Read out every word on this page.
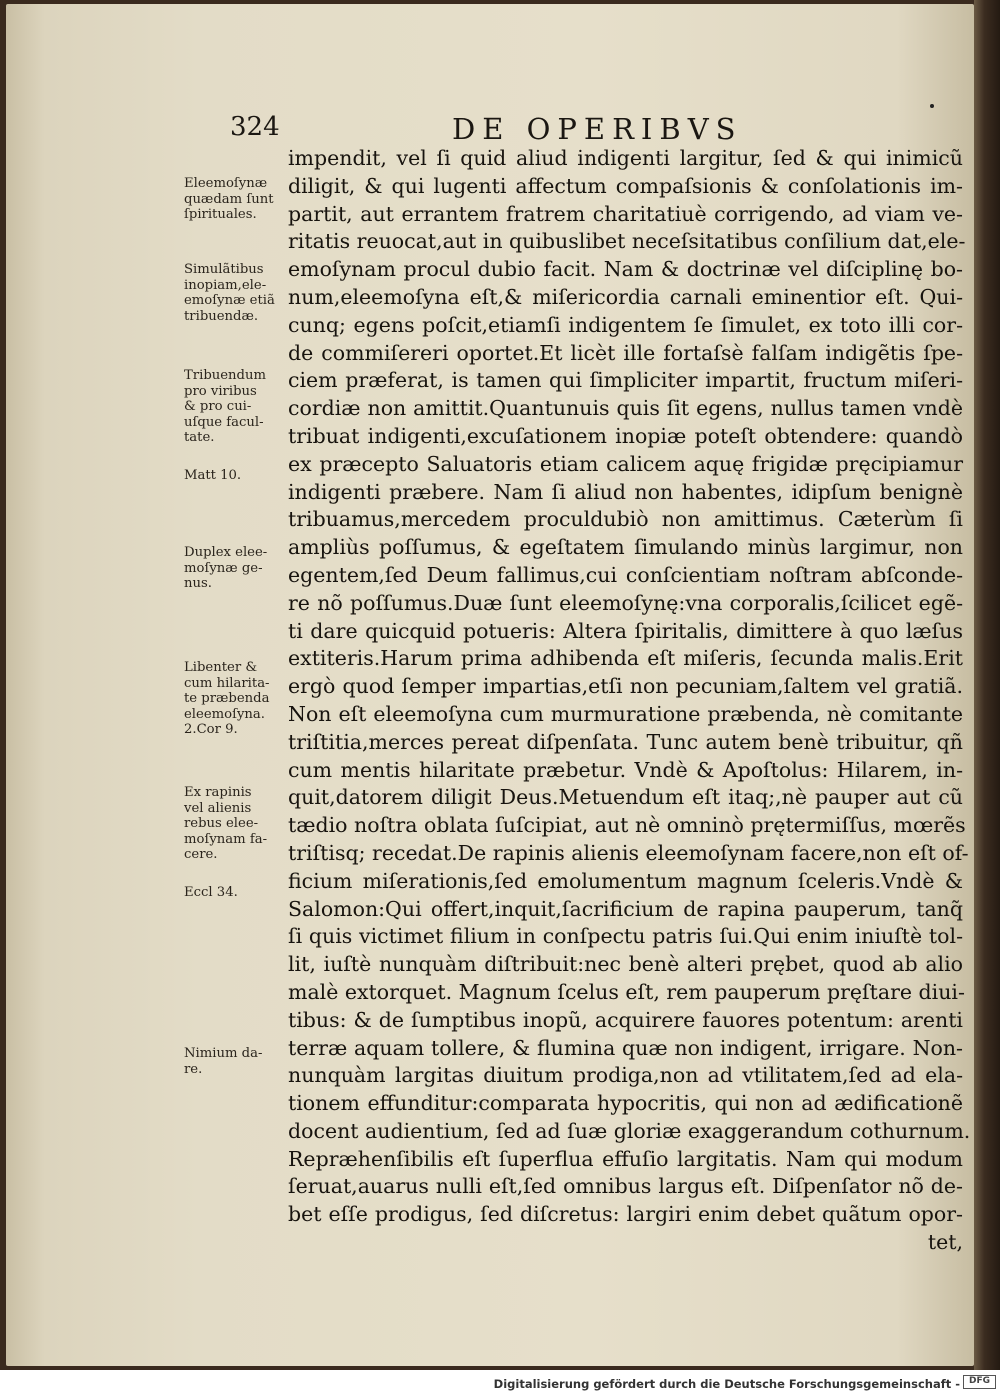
324	DE OPERIBVS
impendit, vel ſi quid aliud indigenti largitur, ſed & qui inimicũ
diligit, & qui lugenti affectum compaſsionis & conſolationis im-
partit, aut errantem fratrem charitatiuè corrigendo, ad viam ve-
ritatis reuocat,aut in quibuslibet neceſsitatibus conſilium dat,ele-
emoſynam procul dubio facit. Nam & doctrinæ vel diſciplinę bo-
num,eleemoſyna eſt,& miſericordia carnali eminentior eſt. Qui-
cunq; egens poſcit,etiamſi indigentem ſe ſimulet, ex toto illi cor-
de commiſereri oportet.Et licèt ille fortaſsè falſam indigẽtis ſpe-
ciem præferat, is tamen qui ſimpliciter impartit, fructum miſeri-
cordiæ non amittit.Quantunuis quis ſit egens, nullus tamen vndè
tribuat indigenti,excuſationem inopiæ poteſt obtendere: quandò
ex præcepto Saluatoris etiam calicem aquę frigidæ pręcipiamur
indigenti præbere. Nam ſi aliud non habentes, idipſum benignè
tribuamus,mercedem proculdubiò non amittimus. Cæterùm ſi
ampliùs poſſumus, & egeſtatem ſimulando minùs largimur, non
egentem,ſed Deum fallimus,cui conſcientiam noſtram abſconde-
re nõ poſſumus.Duæ ſunt eleemoſynę:vna corporalis,ſcilicet egẽ-
ti dare quicquid potueris: Altera ſpiritalis, dimittere à quo læſus
extiteris.Harum prima adhibenda eſt miſeris, ſecunda malis.Erit
ergò quod ſemper impartias,etſi non pecuniam,ſaltem vel gratiã.
Non eſt eleemoſyna cum murmuratione præbenda, nè comitante
triſtitia,merces pereat diſpenſata. Tunc autem benè tribuitur, qñ
cum mentis hilaritate præbetur. Vndè & Apoſtolus: Hilarem, in-
quit,datorem diligit Deus.Metuendum eſt itaq;,nè pauper aut cũ
tædio noſtra oblata ſuſcipiat, aut nè omninò prętermiſſus, mœrẽs
triſtisq; recedat.De rapinis alienis eleemoſynam facere,non eſt of-
ficium miſerationis,ſed emolumentum magnum ſceleris.Vndè &
Salomon:Qui offert,inquit,ſacrificium de rapina pauperum, tanq̃
ſi quis victimet filium in conſpectu patris ſui.Qui enim iniuſtè tol-
lit, iuſtè nunquàm diſtribuit:nec benè alteri prębet, quod ab alio
malè extorquet. Magnum ſcelus eſt, rem pauperum pręſtare diui-
tibus: & de ſumptibus inopũ, acquirere fauores potentum: arenti
terræ aquam tollere, & flumina quæ non indigent, irrigare. Non-
nunquàm largitas diuitum prodiga,non ad vtilitatem,ſed ad ela-
tionem effunditur:comparata hypocritis, qui non ad ædificationẽ
docent audientium, ſed ad ſuæ gloriæ exaggerandum cothurnum.
Repræhenſibilis eſt ſuperflua effuſio largitatis. Nam qui modum
ſeruat,auarus nulli eſt,ſed omnibus largus eſt. Diſpenſator nõ de-
bet eſſe prodigus, ſed diſcretus: largiri enim debet quãtum opor-
tet,
Eleemoſynæ
quædam ſunt
ſpirituales.
Simulãtibus
inopiam,ele-
emoſynæ etiã
tribuendæ.
Tribuendum
pro viribus
& pro cui-
uſque facul-
tate.
Matt 10.
Duplex elee-
moſynæ ge-
nus.
Libenter &
cum hilarita-
te præbenda
eleemoſyna.
2.Cor 9.
Ex rapinis
vel alienis
rebus elee-
moſynam fa-
cere.
Eccl 34.
Nimium da-
re.
Digitalisierung gefördert durch die Deutsche Forschungsgemeinschaft - DFG
